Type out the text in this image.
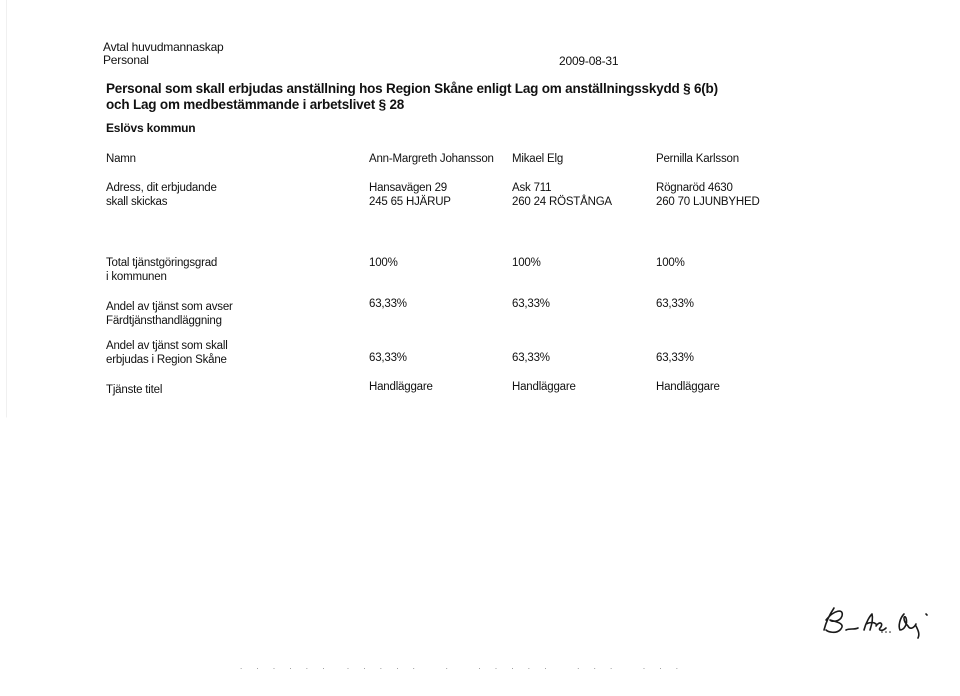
Avtal huvudmannaskap
Personal	2009-08-31
Personal som skall erbjudas anställning hos Region Skåne enligt Lag om anställningsskydd § 6(b)
och Lag om medbestämmande i arbetslivet § 28
Eslövs kommun
Namn
Adress, dit erbjudande
skall skickas
Total tjänstgöringsgrad
i kommunen
Andel av tjänst som avser
Färdtjänsthandläggning
Andel av tjänst som skall
erbjudas i Region Skåne
Tjänste titel
Ann-Margreth Johansson
Hansavägen 29
245 65 HJÄRUP
100%
63,33%
63,33%
Handläggare
Mikael Elg
Ask 711
260 24 RÖSTÅNGA
100%
63,33%
63,33%
Handläggare
Pernilla Karlsson
Rögnaröd 4630
260 70 LJUNBYHED
100%
63,33%
63,33%
Handläggare
. . . . . .  . . . . .   .   . . . . .   . . .   . . .
